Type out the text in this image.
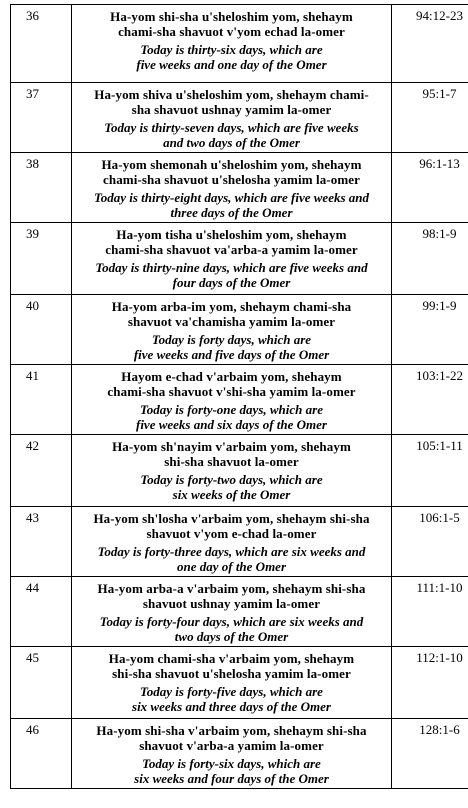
36	Ha-yom shi-sha u'sheloshim yom, shehaym
chami-sha shavuot v'yom echad la-omer
Today is thirty-six days, which are
five weeks and one day of the Omer	94:12-23
37	Ha-yom shiva u'sheloshim yom, shehaym chami-
sha shavuot ushnay yamim la-omer
Today is thirty-seven days, which are five weeks
and two days of the Omer	95:1-7
38	Ha-yom shemonah u'sheloshim yom, shehaym
chami-sha shavuot u'shelosha yamim la-omer
Today is thirty-eight days, which are five weeks and
three days of the Omer	96:1-13
39	Ha-yom tisha u'sheloshim yom, shehaym
chami-sha shavuot va'arba-a yamim la-omer
Today is thirty-nine days, which are five weeks and
four days of the Omer	98:1-9
40	Ha-yom arba-im yom, shehaym chami-sha
shavuot va'chamisha yamim la-omer
Today is forty days, which are
five weeks and five days of the Omer	99:1-9
41	Hayom e-chad v'arbaim yom, shehaym
chami-sha shavuot v'shi-sha yamim la-omer
Today is forty-one days, which are
five weeks and six days of the Omer	103:1-22
42	Ha-yom sh'nayim v'arbaim yom, shehaym
shi-sha shavuot la-omer
Today is forty-two days, which are
six weeks of the Omer	105:1-11
43	Ha-yom sh'losha v'arbaim yom, shehaym shi-sha
shavuot v'yom e-chad la-omer
Today is forty-three days, which are six weeks and
one day of the Omer	106:1-5
44	Ha-yom arba-a v'arbaim yom, shehaym shi-sha
shavuot ushnay yamim la-omer
Today is forty-four days, which are six weeks and
two days of the Omer	111:1-10
45	Ha-yom chami-sha v'arbaim yom, shehaym
shi-sha shavuot u'shelosha yamim la-omer
Today is forty-five days, which are
six weeks and three days of the Omer	112:1-10
46	Ha-yom shi-sha v'arbaim yom, shehaym shi-sha
shavuot v'arba-a yamim la-omer
Today is forty-six days, which are
six weeks and four days of the Omer	128:1-6
